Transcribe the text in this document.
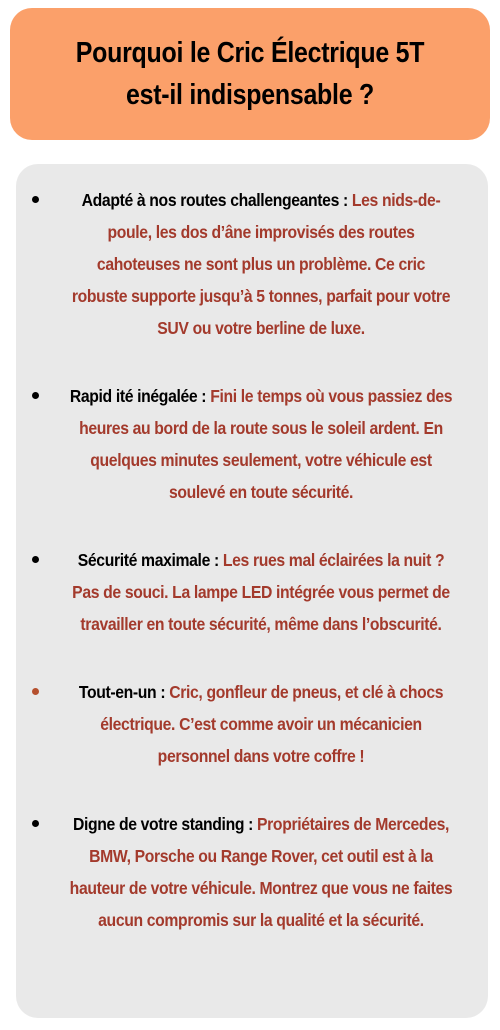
Pourquoi le Cric Électrique 5T est-il indispensable ?
Adapté à nos routes challengeantes : Les nids-de-poule, les dos d’âne improvisés des routes cahoteuses ne sont plus un problème. Ce cric robuste supporte jusqu’à 5 tonnes, parfait pour votre SUV ou votre berline de luxe.
Rapid ité inégalée : Fini le temps où vous passiez des heures au bord de la route sous le soleil ardent. En quelques minutes seulement, votre véhicule est soulevé en toute sécurité.
Sécurité maximale : Les rues mal éclairées la nuit ? Pas de souci. La lampe LED intégrée vous permet de travailler en toute sécurité, même dans l’obscurité.
Tout-en-un : Cric, gonfleur de pneus, et clé à chocs électrique. C’est comme avoir un mécanicien personnel dans votre coffre !
Digne de votre standing : Propriétaires de Mercedes, BMW, Porsche ou Range Rover, cet outil est à la hauteur de votre véhicule. Montrez que vous ne faites aucun compromis sur la qualité et la sécurité.
